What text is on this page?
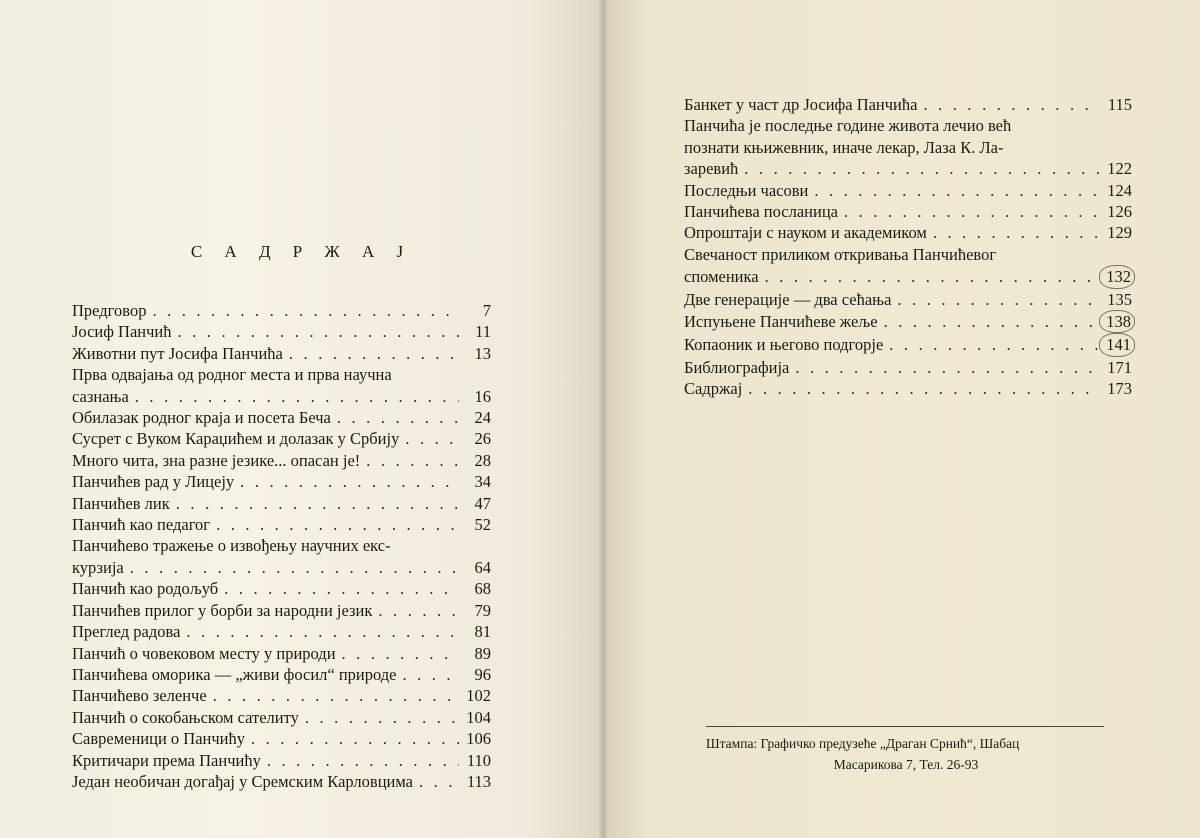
С А Д Р Ж А Ј
Предговор . . .	7
Јосиф Панчић . . .	11
Животни пут Јосифа Панчића . . .	13
Прва одвајања од родног места и прва научна
сазнања . . .	16
Обилазак родног краја и посета Беча . . .	24
Сусрет с Вуком Караџићем и долазак у Србију . . .	26
Много чита, зна разне језике... опасан је! . . .	28
Панчићев рад у Лицеју . . .	34
Панчићев лик . . .	47
Панчић као педагог . . .	52
Панчићево тражење о извођењу научних екс-
курзија . . .	64
Панчић као родољуб . . .	68
Панчићев прилог у борби за народни језик . . .	79
Преглед радова . . .	81
Панчић о човековом месту у природи . . .	89
Панчићева оморика — „живи фосил“ природе . . .	96
Панчићево зеленче . . .	102
Панчић о сокобањском сателиту . . .	104
Савременици о Панчићу . . .	106
Критичари према Панчићу . . .	110
Један необичан догађај у Сремским Карловцима . . .	113
Банкет у част др Јосифа Панчића . . .	115
Панчића је последње године живота лечио већ
познати књижевник, иначе лекар, Лаза К. Ла-
заревић . . .	122
Последњи часови . . .	124
Панчићева посланица . . .	126
Опроштаји с науком и академиком . . .	129
Свечаност приликом откривања Панчићевог
споменика . . .	132
Две генерације — два сећања . . .	135
Испуњене Панчићеве жеље . . .	138
Копаоник и његово подгорје . . .	141
Библиографија . . .	171
Садржај . . .	173
Штампа: Графичко предузеће „Драган Срнић“, Шабац
Масарикова 7, Тел. 26-93
